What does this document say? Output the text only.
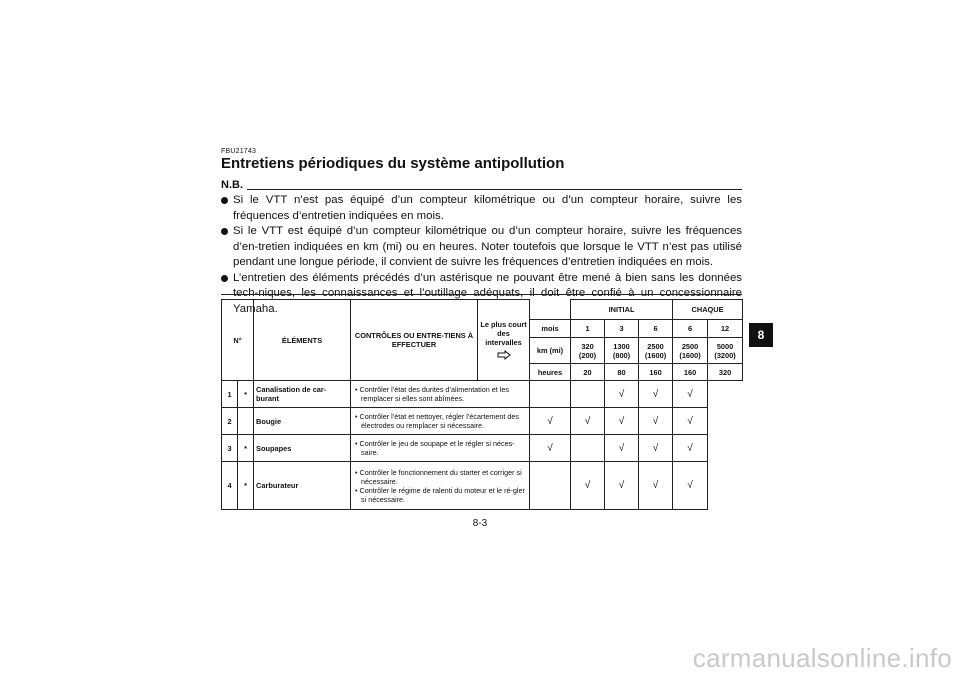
FBU21743
Entretiens périodiques du système antipollution
N.B.
Si le VTT n’est pas équipé d’un compteur kilométrique ou d’un compteur horaire, suivre les fréquences d’entretien indiquées en mois.
Si le VTT est équipé d’un compteur kilométrique ou d’un compteur horaire, suivre les fréquences d’en-tretien indiquées en km (mi) ou en heures. Noter toutefois que lorsque le VTT n’est pas utilisé pendant une longue période, il convient de suivre les fréquences d’entretien indiquées en mois.
L’entretien des éléments précédés d’un astérisque ne pouvant être mené à bien sans les données tech-niques, les connaissances et l’outillage adéquats, il doit être confié à un concessionnaire Yamaha.
N°		ÉLÉMENTS	CONTRÔLES OU ENTRE-TIENS À EFFECTUER	Le plus court des intervalles		INITIAL			CHAQUE	
					mois	1	3	6	6	12
					km (mi)	320 (200)	1300 (800)	2500 (1600)	2500 (1600)	5000 (3200)
					heures	20	80	160	160	320
1	*	Canalisation de car-burant	• Contrôler l’état des durites d’alimentation et les remplacer si elles sont abîmées.				√	√	√	
2		Bougie	• Contrôler l’état et nettoyer, régler l’écartement des électrodes ou remplacer si nécessaire.		√	√	√	√	√	
3	*	Soupapes	• Contrôler le jeu de soupape et le régler si néces-saire.		√		√	√	√	
4	*	Carburateur	• Contrôler le fonctionnement du starter et corriger si nécessaire.
• Contrôler le régime de ralenti du moteur et le ré-gler si nécessaire.			√	√	√	√	
8
8-3
carmanualsonline.info
